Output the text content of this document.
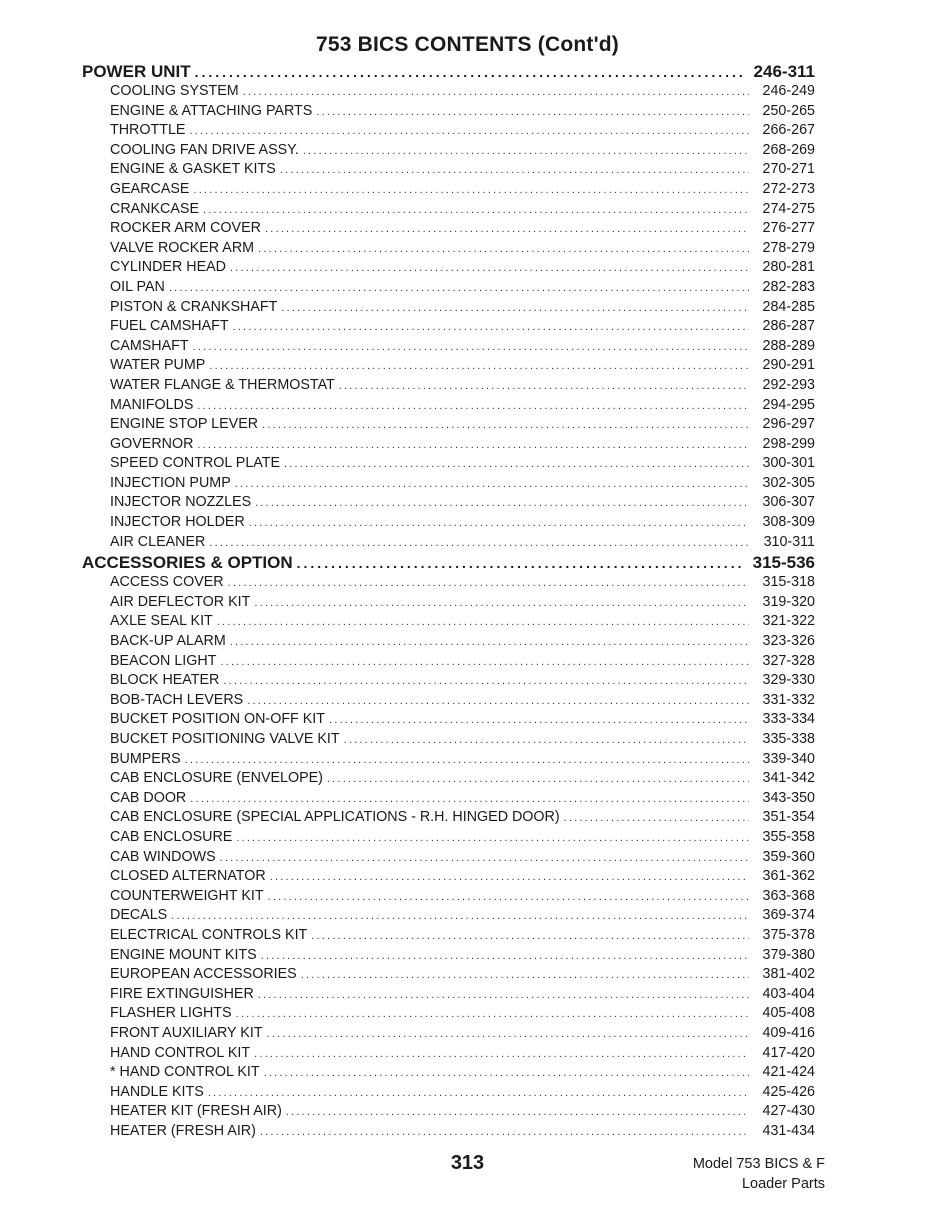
753 BICS CONTENTS (Cont'd)
POWER UNIT .....	246-311
COOLING SYSTEM .....	246-249
ENGINE & ATTACHING PARTS .....	250-265
THROTTLE .....	266-267
COOLING FAN DRIVE ASSY. .....	268-269
ENGINE & GASKET KITS .....	270-271
GEARCASE .....	272-273
CRANKCASE .....	274-275
ROCKER ARM COVER .....	276-277
VALVE ROCKER ARM .....	278-279
CYLINDER HEAD .....	280-281
OIL PAN .....	282-283
PISTON & CRANKSHAFT .....	284-285
FUEL CAMSHAFT .....	286-287
CAMSHAFT .....	288-289
WATER PUMP .....	290-291
WATER FLANGE & THERMOSTAT .....	292-293
MANIFOLDS .....	294-295
ENGINE STOP LEVER .....	296-297
GOVERNOR .....	298-299
SPEED CONTROL PLATE .....	300-301
INJECTION PUMP .....	302-305
INJECTOR NOZZLES .....	306-307
INJECTOR HOLDER .....	308-309
AIR CLEANER .....	310-311
ACCESSORIES & OPTION .....	315-536
ACCESS COVER .....	315-318
AIR DEFLECTOR KIT .....	319-320
AXLE SEAL KIT .....	321-322
BACK-UP ALARM .....	323-326
BEACON LIGHT .....	327-328
BLOCK HEATER .....	329-330
BOB-TACH LEVERS .....	331-332
BUCKET POSITION ON-OFF KIT .....	333-334
BUCKET POSITIONING VALVE KIT .....	335-338
BUMPERS .....	339-340
CAB ENCLOSURE (ENVELOPE) .....	341-342
CAB DOOR .....	343-350
CAB ENCLOSURE (SPECIAL APPLICATIONS - R.H. HINGED DOOR) .....	351-354
CAB ENCLOSURE .....	355-358
CAB WINDOWS .....	359-360
CLOSED ALTERNATOR .....	361-362
COUNTERWEIGHT KIT .....	363-368
DECALS .....	369-374
ELECTRICAL CONTROLS KIT .....	375-378
ENGINE MOUNT KITS .....	379-380
EUROPEAN ACCESSORIES .....	381-402
FIRE EXTINGUISHER .....	403-404
FLASHER LIGHTS .....	405-408
FRONT AUXILIARY KIT .....	409-416
HAND CONTROL KIT .....	417-420
* HAND CONTROL KIT .....	421-424
HANDLE KITS .....	425-426
HEATER KIT (FRESH AIR) .....	427-430
HEATER (FRESH AIR) .....	431-434
313	Model 753 BICS & F
Loader Parts
